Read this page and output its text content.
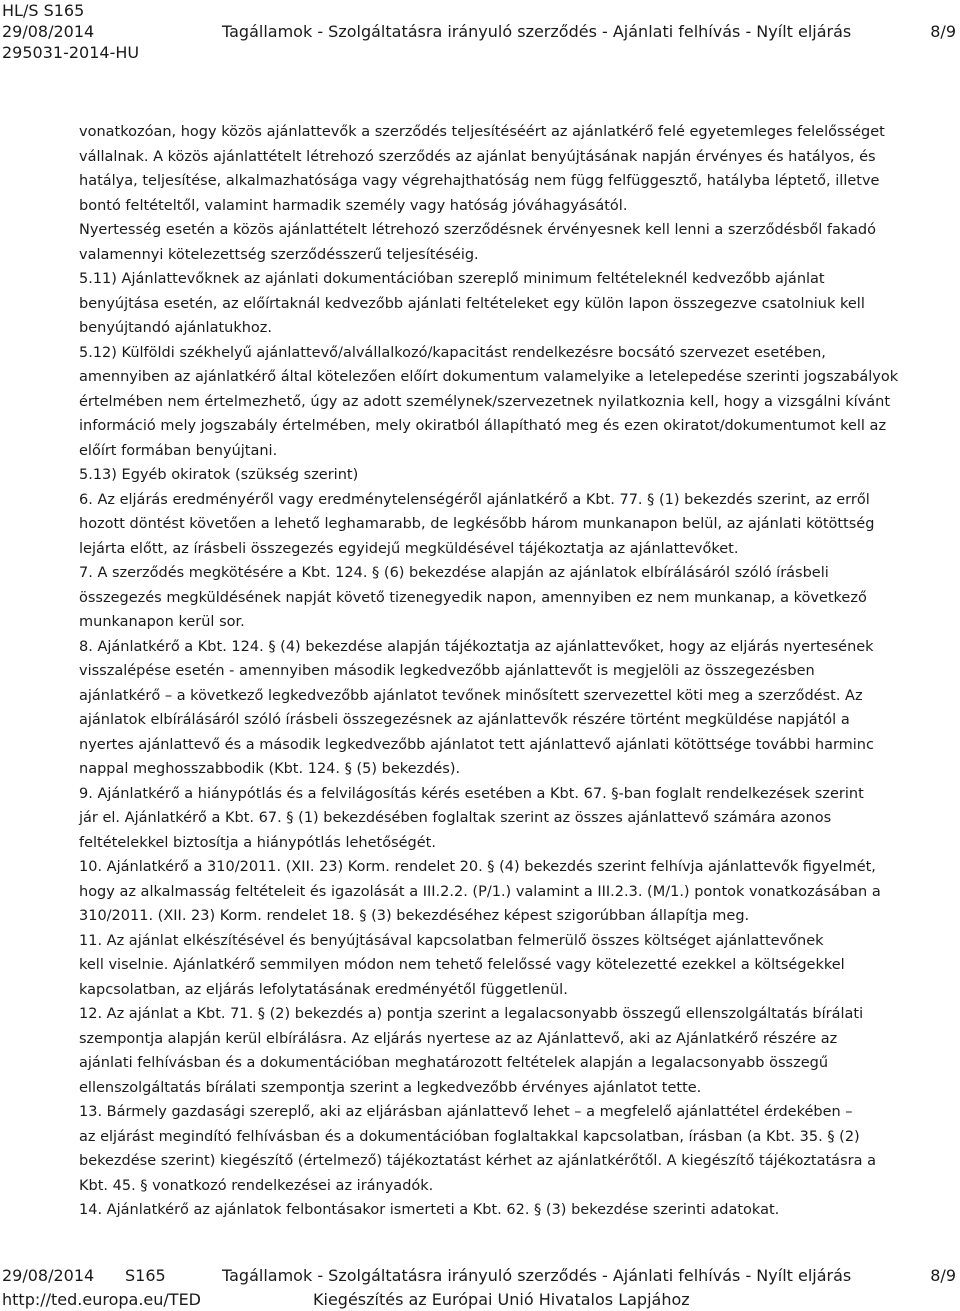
HL/S S165
29/08/2014
295031-2014-HU
Tagállamok - Szolgáltatásra irányuló szerződés - Ajánlati felhívás - Nyílt eljárás	8/9

vonatkozóan, hogy közös ajánlattevők a szerződés teljesítéséért az ajánlatkérő felé egyetemleges felelősséget
vállalnak. A közös ajánlattételt létrehozó szerződés az ajánlat benyújtásának napján érvényes és hatályos, és
hatálya, teljesítése, alkalmazhatósága vagy végrehajthatóság nem függ felfüggesztő, hatályba léptető, illetve
bontó feltételtől, valamint harmadik személy vagy hatóság jóváhagyásától.

Nyertesség esetén a közös ajánlattételt létrehozó szerződésnek érvényesnek kell lenni a szerződésből fakadó
valamennyi kötelezettség szerződésszerű teljesítéséig.

5.11) Ajánlattevőknek az ajánlati dokumentációban szereplő minimum feltételeknél kedvezőbb ajánlat
benyújtása esetén, az előírtaknál kedvezőbb ajánlati feltételeket egy külön lapon összegezve csatolniuk kell
benyújtandó ajánlatukhoz.

5.12) Külföldi székhelyű ajánlattevő/alvállalkozó/kapacitást rendelkezésre bocsátó szervezet esetében,
amennyiben az ajánlatkérő által kötelezően előírt dokumentum valamelyike a letelepedése szerinti jogszabályok
értelmében nem értelmezhető, úgy az adott személynek/szervezetnek nyilatkoznia kell, hogy a vizsgálni kívánt
információ mely jogszabály értelmében, mely okiratból állapítható meg és ezen okiratot/dokumentumot kell az
előírt formában benyújtani.

5.13) Egyéb okiratok (szükség szerint)

6. Az eljárás eredményéről vagy eredménytelenségéről ajánlatkérő a Kbt. 77. § (1) bekezdés szerint, az erről
hozott döntést követően a lehető leghamarabb, de legkésőbb három munkanapon belül, az ajánlati kötöttség
lejárta előtt, az írásbeli összegezés egyidejű megküldésével tájékoztatja az ajánlattevőket.

7. A szerződés megkötésére a Kbt. 124. § (6) bekezdése alapján az ajánlatok elbírálásáról szóló írásbeli
összegezés megküldésének napját követő tizenegyedik napon, amennyiben ez nem munkanap, a következő
munkanapon kerül sor.

8. Ajánlatkérő a Kbt. 124. § (4) bekezdése alapján tájékoztatja az ajánlattevőket, hogy az eljárás nyertesének
visszalépése esetén - amennyiben második legkedvezőbb ajánlattevőt is megjelöli az összegezésben
ajánlatkérő – a következő legkedvezőbb ajánlatot tevőnek minősített szervezettel köti meg a szerződést. Az
ajánlatok elbírálásáról szóló írásbeli összegezésnek az ajánlattevők részére történt megküldése napjától a
nyertes ajánlattevő és a második legkedvezőbb ajánlatot tett ajánlattevő ajánlati kötöttsége további harminc
nappal meghosszabbodik (Kbt. 124. § (5) bekezdés).

9. Ajánlatkérő a hiánypótlás és a felvilágosítás kérés esetében a Kbt. 67. §-ban foglalt rendelkezések szerint
jár el. Ajánlatkérő a Kbt. 67. § (1) bekezdésében foglaltak szerint az összes ajánlattevő számára azonos
feltételekkel biztosítja a hiánypótlás lehetőségét.

10. Ajánlatkérő a 310/2011. (XII. 23) Korm. rendelet 20. § (4) bekezdés szerint felhívja ajánlattevők figyelmét,
hogy az alkalmasság feltételeit és igazolását a III.2.2. (P/1.) valamint a III.2.3. (M/1.) pontok vonatkozásában a
310/2011. (XII. 23) Korm. rendelet 18. § (3) bekezdéséhez képest szigorúbban állapítja meg.

11. Az ajánlat elkészítésével és benyújtásával kapcsolatban felmerülő összes költséget ajánlattevőnek
kell viselnie. Ajánlatkérő semmilyen módon nem tehető felelőssé vagy kötelezetté ezekkel a költségekkel
kapcsolatban, az eljárás lefolytatásának eredményétől függetlenül.

12. Az ajánlat a Kbt. 71. § (2) bekezdés a) pontja szerint a legalacsonyabb összegű ellenszolgáltatás bírálati
szempontja alapján kerül elbírálásra. Az eljárás nyertese az az Ajánlattevő, aki az Ajánlatkérő részére az
ajánlati felhívásban és a dokumentációban meghatározott feltételek alapján a legalacsonyabb összegű
ellenszolgáltatás bírálati szempontja szerint a legkedvezőbb érvényes ajánlatot tette.

13. Bármely gazdasági szereplő, aki az eljárásban ajánlattevő lehet – a megfelelő ajánlattétel érdekében –
az eljárást megindító felhívásban és a dokumentációban foglaltakkal kapcsolatban, írásban (a Kbt. 35. § (2)
bekezdése szerint) kiegészítő (értelmező) tájékoztatást kérhet az ajánlatkérőtől. A kiegészítő tájékoztatásra a
Kbt. 45. § vonatkozó rendelkezései az irányadók.

14. Ajánlatkérő az ajánlatok felbontásakor ismerteti a Kbt. 62. § (3) bekezdése szerinti adatokat.

29/08/2014 S165
http://ted.europa.eu/TED
Tagállamok - Szolgáltatásra irányuló szerződés - Ajánlati felhívás - Nyílt eljárás
Kiegészítés az Európai Unió Hivatalos Lapjához
8/9
